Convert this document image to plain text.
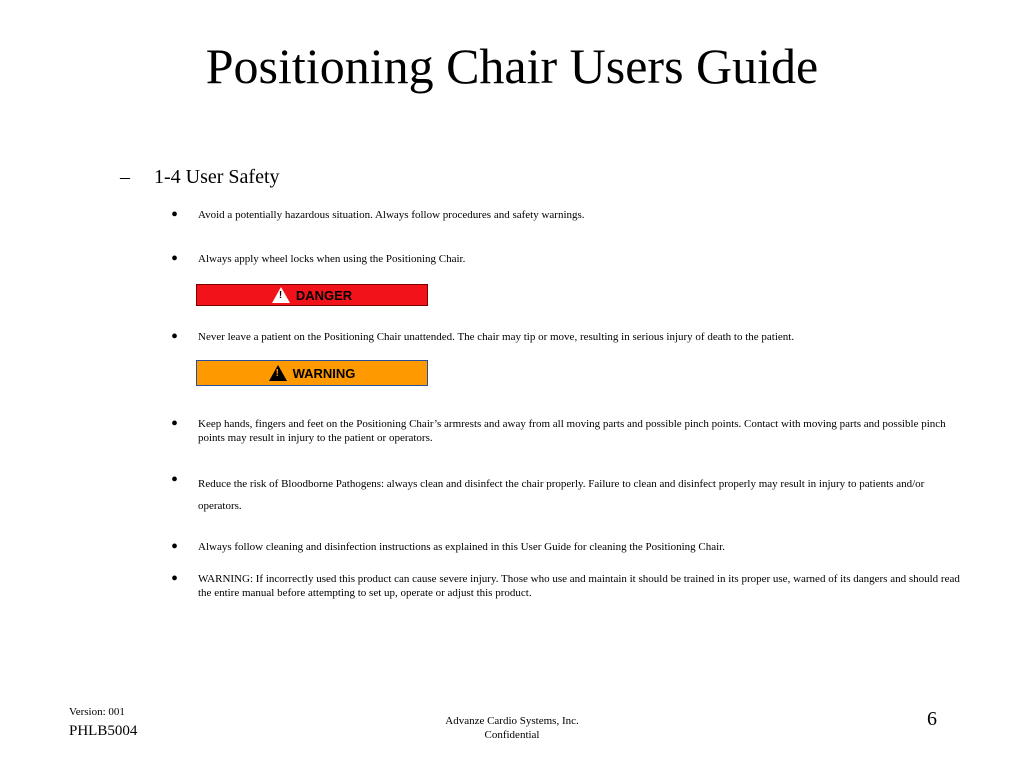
Positioning Chair Users Guide
– 1-4 User Safety
• Avoid a potentially hazardous situation. Always follow procedures and safety warnings.
• Always apply wheel locks when using the Positioning Chair.
! DANGER
• Never leave a patient on the Positioning Chair unattended. The chair may tip or move, resulting in serious injury of death to the patient.
! WARNING
• Keep hands, fingers and feet on the Positioning Chair’s armrests and away from all moving parts and possible pinch points. Contact with moving parts and possible pinch points may result in injury to the patient or operators.
• Reduce the risk of Bloodborne Pathogens: always clean and disinfect the chair properly. Failure to clean and disinfect properly may result in injury to patients and/or operators.
• Always follow cleaning and disinfection instructions as explained in this User Guide for cleaning the Positioning Chair.
• WARNING: If incorrectly used this product can cause severe injury. Those who use and maintain it should be trained in its proper use, warned of its dangers and should read the entire manual before attempting to set up, operate or adjust this product.
Version: 001
PHLB5004
Advanze Cardio Systems, Inc.
Confidential
6
